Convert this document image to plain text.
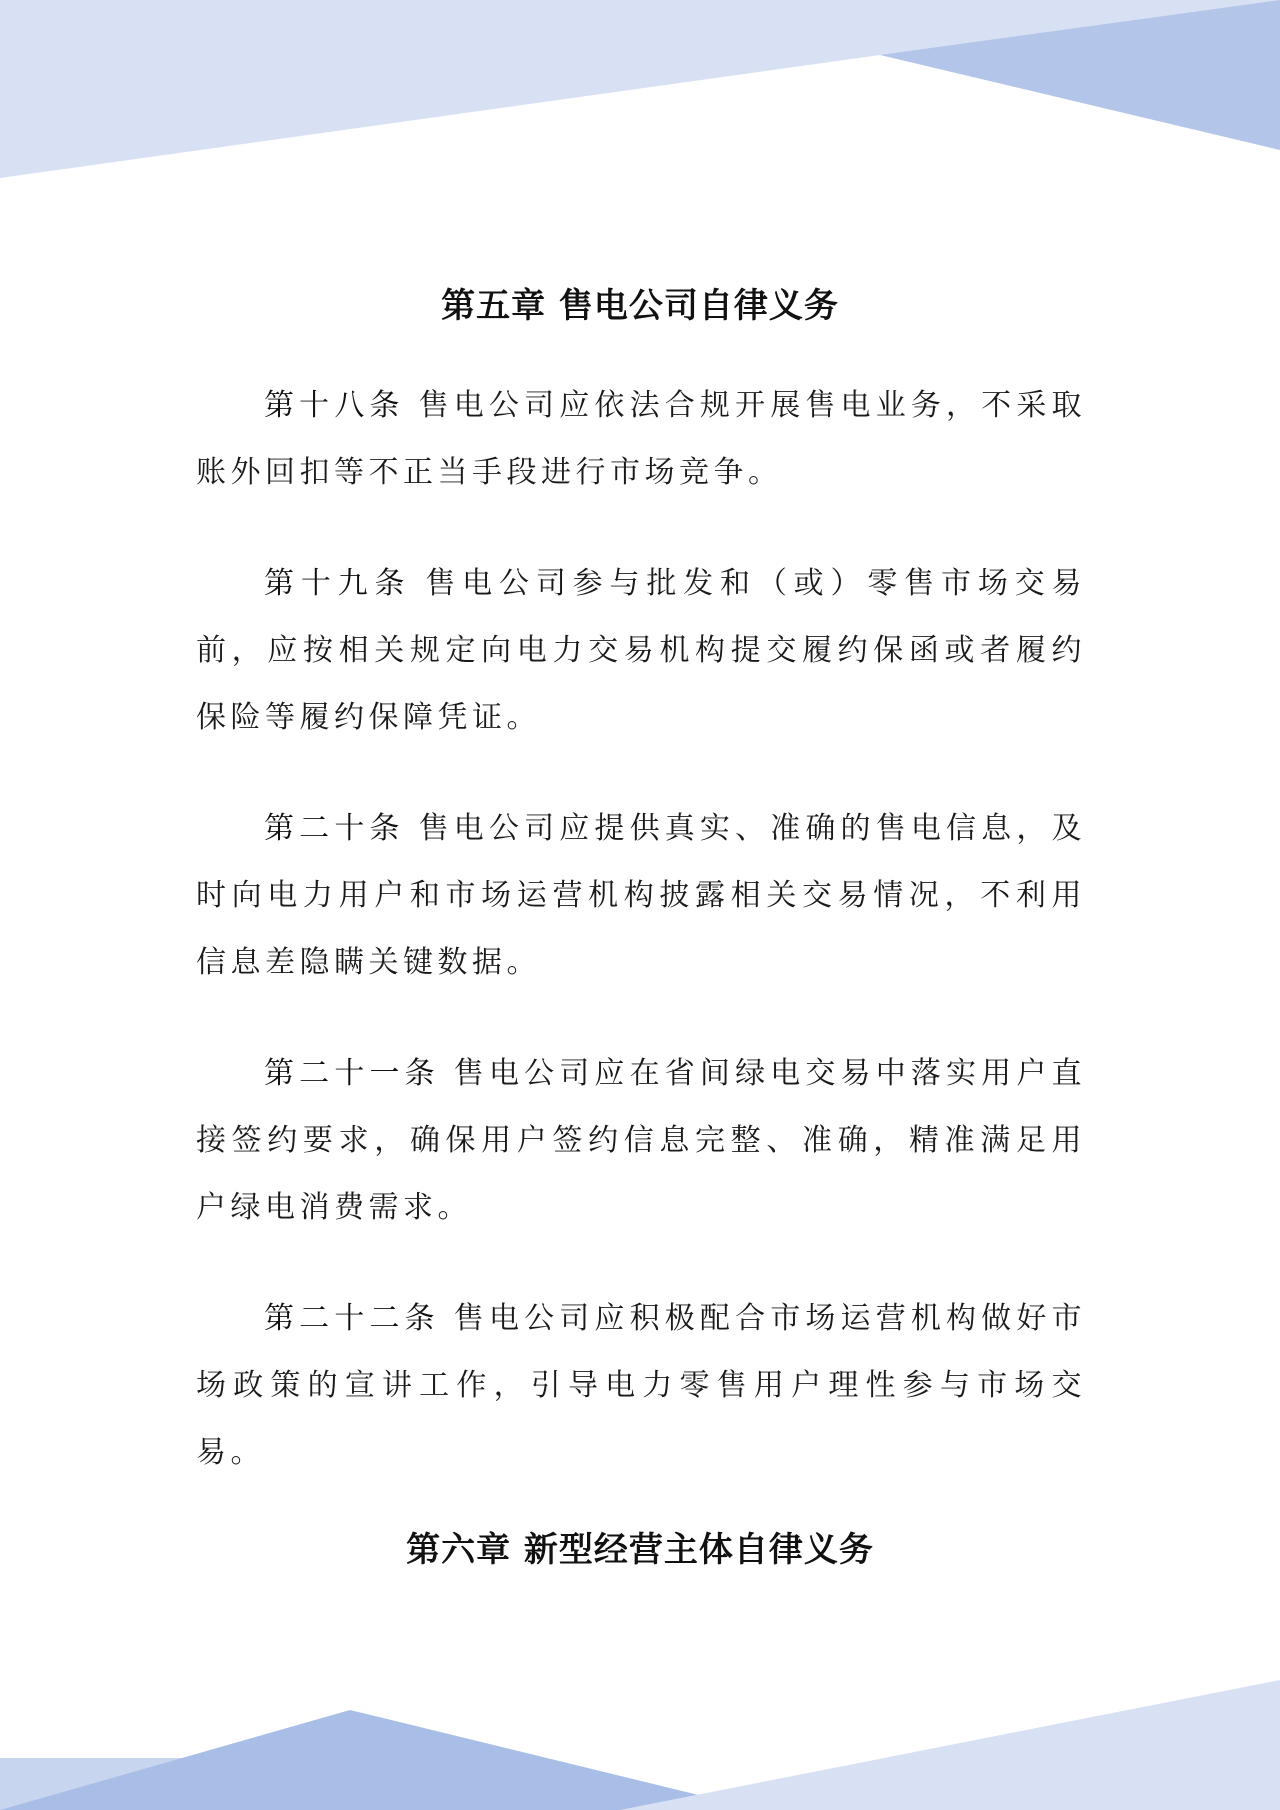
第五章 售电公司自律义务

第十八条 售电公司应依法合规开展售电业务，不采取账外回扣等不正当手段进行市场竞争。

第十九条 售电公司参与批发和（或）零售市场交易前，应按相关规定向电力交易机构提交履约保函或者履约保险等履约保障凭证。

第二十条 售电公司应提供真实、准确的售电信息，及时向电力用户和市场运营机构披露相关交易情况，不利用信息差隐瞒关键数据。

第二十一条 售电公司应在省间绿电交易中落实用户直接签约要求，确保用户签约信息完整、准确，精准满足用户绿电消费需求。

第二十二条 售电公司应积极配合市场运营机构做好市场政策的宣讲工作，引导电力零售用户理性参与市场交易。

第六章 新型经营主体自律义务
